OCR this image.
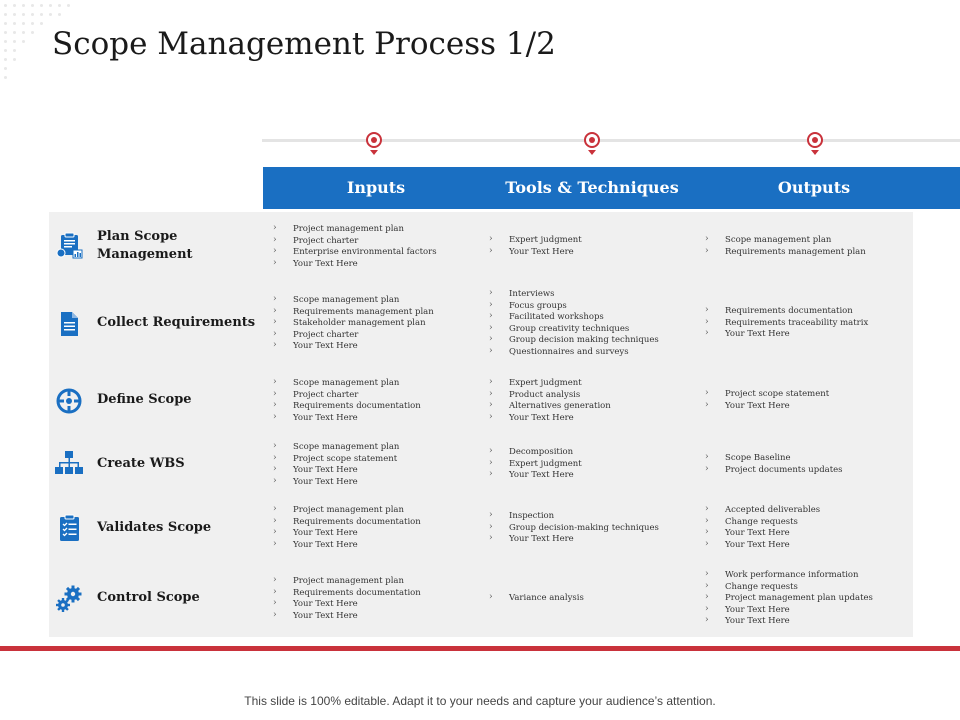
Scope Management Process 1/2
Inputs	Tools & Techniques	Outputs
Plan Scope
Management
› Project management plan
› Project charter
› Enterprise environmental factors
› Your Text Here
› Expert judgment
› Your Text Here
› Scope management plan
› Requirements management plan
Collect Requirements
› Scope management plan
› Requirements management plan
› Stakeholder management plan
› Project charter
› Your Text Here
› Interviews
› Focus groups
› Facilitated workshops
› Group creativity techniques
› Group decision making techniques
› Questionnaires and surveys
› Requirements documentation
› Requirements traceability matrix
› Your Text Here
Define Scope
› Scope management plan
› Project charter
› Requirements documentation
› Your Text Here
› Expert judgment
› Product analysis
› Alternatives generation
› Your Text Here
› Project scope statement
› Your Text Here
Create WBS
› Scope management plan
› Project scope statement
› Your Text Here
› Your Text Here
› Decomposition
› Expert judgment
› Your Text Here
› Scope Baseline
› Project documents updates
Validates Scope
› Project management plan
› Requirements documentation
› Your Text Here
› Your Text Here
› Inspection
› Group decision-making techniques
› Your Text Here
› Accepted deliverables
› Change requests
› Your Text Here
› Your Text Here
Control Scope
› Project management plan
› Requirements documentation
› Your Text Here
› Your Text Here
› Variance analysis
› Work performance information
› Change requests
› Project management plan updates
› Your Text Here
› Your Text Here
This slide is 100% editable. Adapt it to your needs and capture your audience’s attention.
